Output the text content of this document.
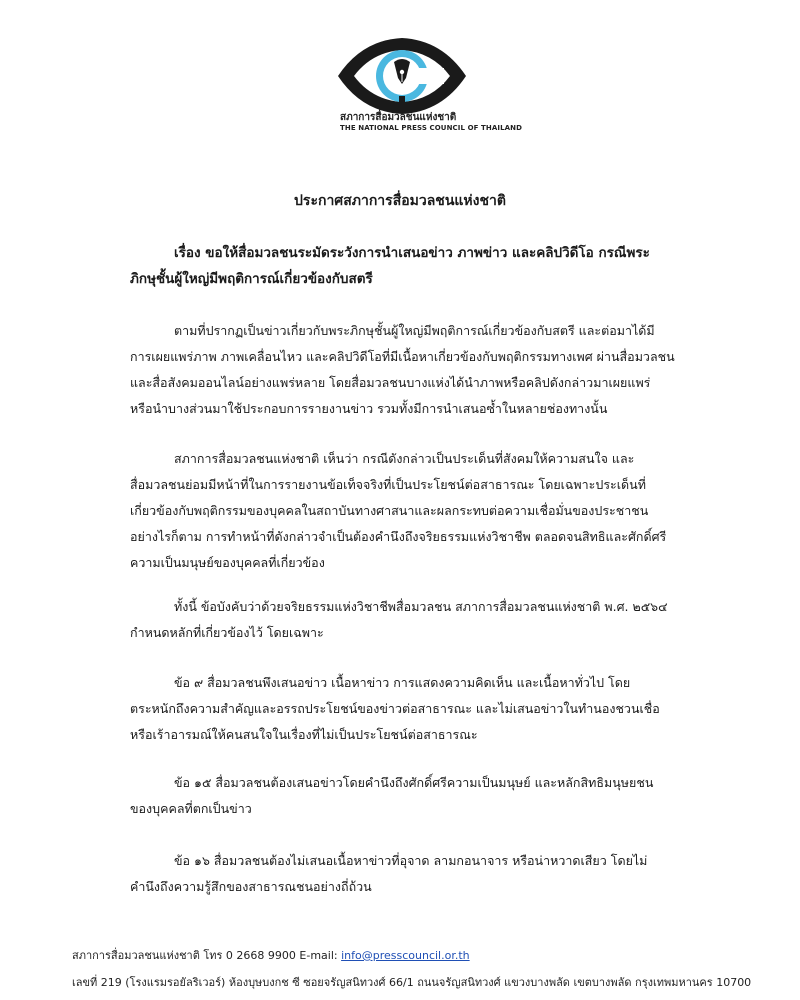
สภาการสื่อมวลชนแห่งชาติ
THE NATIONAL PRESS COUNCIL OF THAILAND
ประกาศสภาการสื่อมวลชนแห่งชาติ
เรื่อง ขอให้สื่อมวลชนระมัดระวังการนำเสนอข่าว ภาพข่าว และคลิปวิดีโอ กรณีพระภิกษุชั้นผู้ใหญ่มีพฤติการณ์เกี่ยวข้องกับสตรี
ตามที่ปรากฏเป็นข่าวเกี่ยวกับพระภิกษุชั้นผู้ใหญ่มีพฤติการณ์เกี่ยวข้องกับสตรี และต่อมาได้มีการเผยแพร่ภาพ ภาพเคลื่อนไหว และคลิปวิดีโอที่มีเนื้อหาเกี่ยวข้องกับพฤติกรรมทางเพศ ผ่านสื่อมวลชนและสื่อสังคมออนไลน์อย่างแพร่หลาย โดยสื่อมวลชนบางแห่งได้นำภาพหรือคลิปดังกล่าวมาเผยแพร่ หรือนำบางส่วนมาใช้ประกอบการรายงานข่าว รวมทั้งมีการนำเสนอซ้ำในหลายช่องทางนั้น
สภาการสื่อมวลชนแห่งชาติ เห็นว่า กรณีดังกล่าวเป็นประเด็นที่สังคมให้ความสนใจ และสื่อมวลชนย่อมมีหน้าที่ในการรายงานข้อเท็จจริงที่เป็นประโยชน์ต่อสาธารณะ โดยเฉพาะประเด็นที่เกี่ยวข้องกับพฤติกรรมของบุคคลในสถาบันทางศาสนาและผลกระทบต่อความเชื่อมั่นของประชาชน อย่างไรก็ตาม การทำหน้าที่ดังกล่าวจำเป็นต้องคำนึงถึงจริยธรรมแห่งวิชาชีพ ตลอดจนสิทธิและศักดิ์ศรีความเป็นมนุษย์ของบุคคลที่เกี่ยวข้อง
ทั้งนี้ ข้อบังคับว่าด้วยจริยธรรมแห่งวิชาชีพสื่อมวลชน สภาการสื่อมวลชนแห่งชาติ พ.ศ. ๒๕๖๔ กำหนดหลักที่เกี่ยวข้องไว้ โดยเฉพาะ
ข้อ ๙ สื่อมวลชนพึงเสนอข่าว เนื้อหาข่าว การแสดงความคิดเห็น และเนื้อหาทั่วไป โดยตระหนักถึงความสำคัญและอรรถประโยชน์ของข่าวต่อสาธารณะ และไม่เสนอข่าวในทำนองชวนเชื่อหรือเร้าอารมณ์ให้คนสนใจในเรื่องที่ไม่เป็นประโยชน์ต่อสาธารณะ
ข้อ ๑๕ สื่อมวลชนต้องเสนอข่าวโดยคำนึงถึงศักดิ์ศรีความเป็นมนุษย์ และหลักสิทธิมนุษยชนของบุคคลที่ตกเป็นข่าว
ข้อ ๑๖ สื่อมวลชนต้องไม่เสนอเนื้อหาข่าวที่อุจาด ลามกอนาจาร หรือน่าหวาดเสียว โดยไม่คำนึงถึงความรู้สึกของสาธารณชนอย่างถี่ถ้วน
สภาการสื่อมวลชนแห่งชาติ โทร 0 2668 9900 E-mail: info@presscouncil.or.th
เลขที่ 219 (โรงแรมรอยัลริเวอร์) ห้องบุษบงกช ซี ซอยจรัญสนิทวงศ์ 66/1 ถนนจรัญสนิทวงศ์ แขวงบางพลัด เขตบางพลัด กรุงเทพมหานคร 10700
